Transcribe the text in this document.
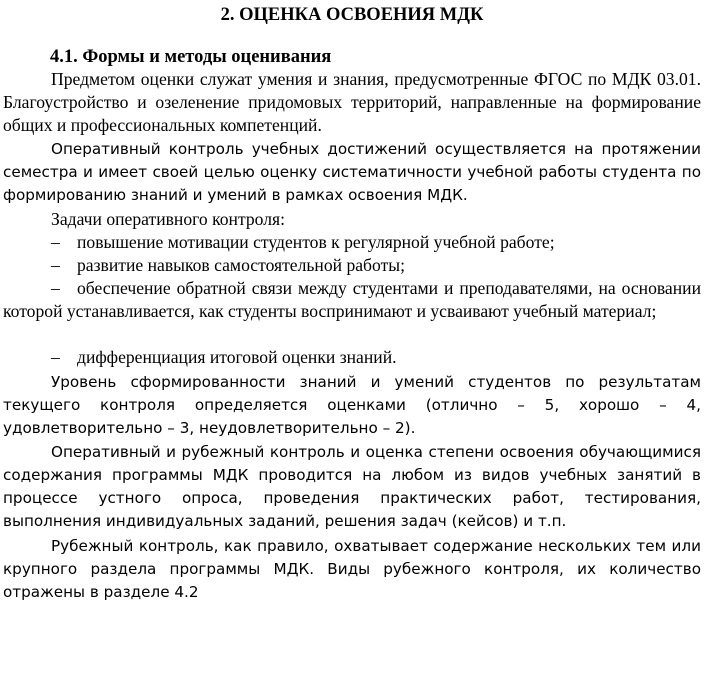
2. ОЦЕНКА ОСВОЕНИЯ МДК
4.1. Формы и методы оценивания

Предметом оценки служат умения и знания, предусмотренные ФГОС по МДК 03.01. Благоустройство и озеленение придомовых территорий, направленные на формирование общих и профессиональных компетенций.

Оперативный контроль учебных достижений осуществляется на протяжении семестра и имеет своей целью оценку систематичности учебной работы студента по формированию знаний и умений в рамках освоения МДК.

Задачи оперативного контроля:

– повышение мотивации студентов к регулярной учебной работе;

– развитие навыков самостоятельной работы;

– обеспечение обратной связи между студентами и преподавателями, на основании которой устанавливается, как студенты воспринимают и усваивают учебный материал;

– дифференциация итоговой оценки знаний.

Уровень сформированности знаний и умений студентов по результатам текущего контроля определяется оценками (отлично – 5, хорошо – 4, удовлетворительно – 3, неудовлетворительно – 2).

Оперативный и рубежный контроль и оценка степени освоения обучающимися содержания программы МДК проводится на любом из видов учебных занятий в процессе устного опроса, проведения практических работ, тестирования, выполнения индивидуальных заданий, решения задач (кейсов) и т.п.

Рубежный контроль, как правило, охватывает содержание нескольких тем или крупного раздела программы МДК. Виды рубежного контроля, их количество отражены в разделе 4.2
